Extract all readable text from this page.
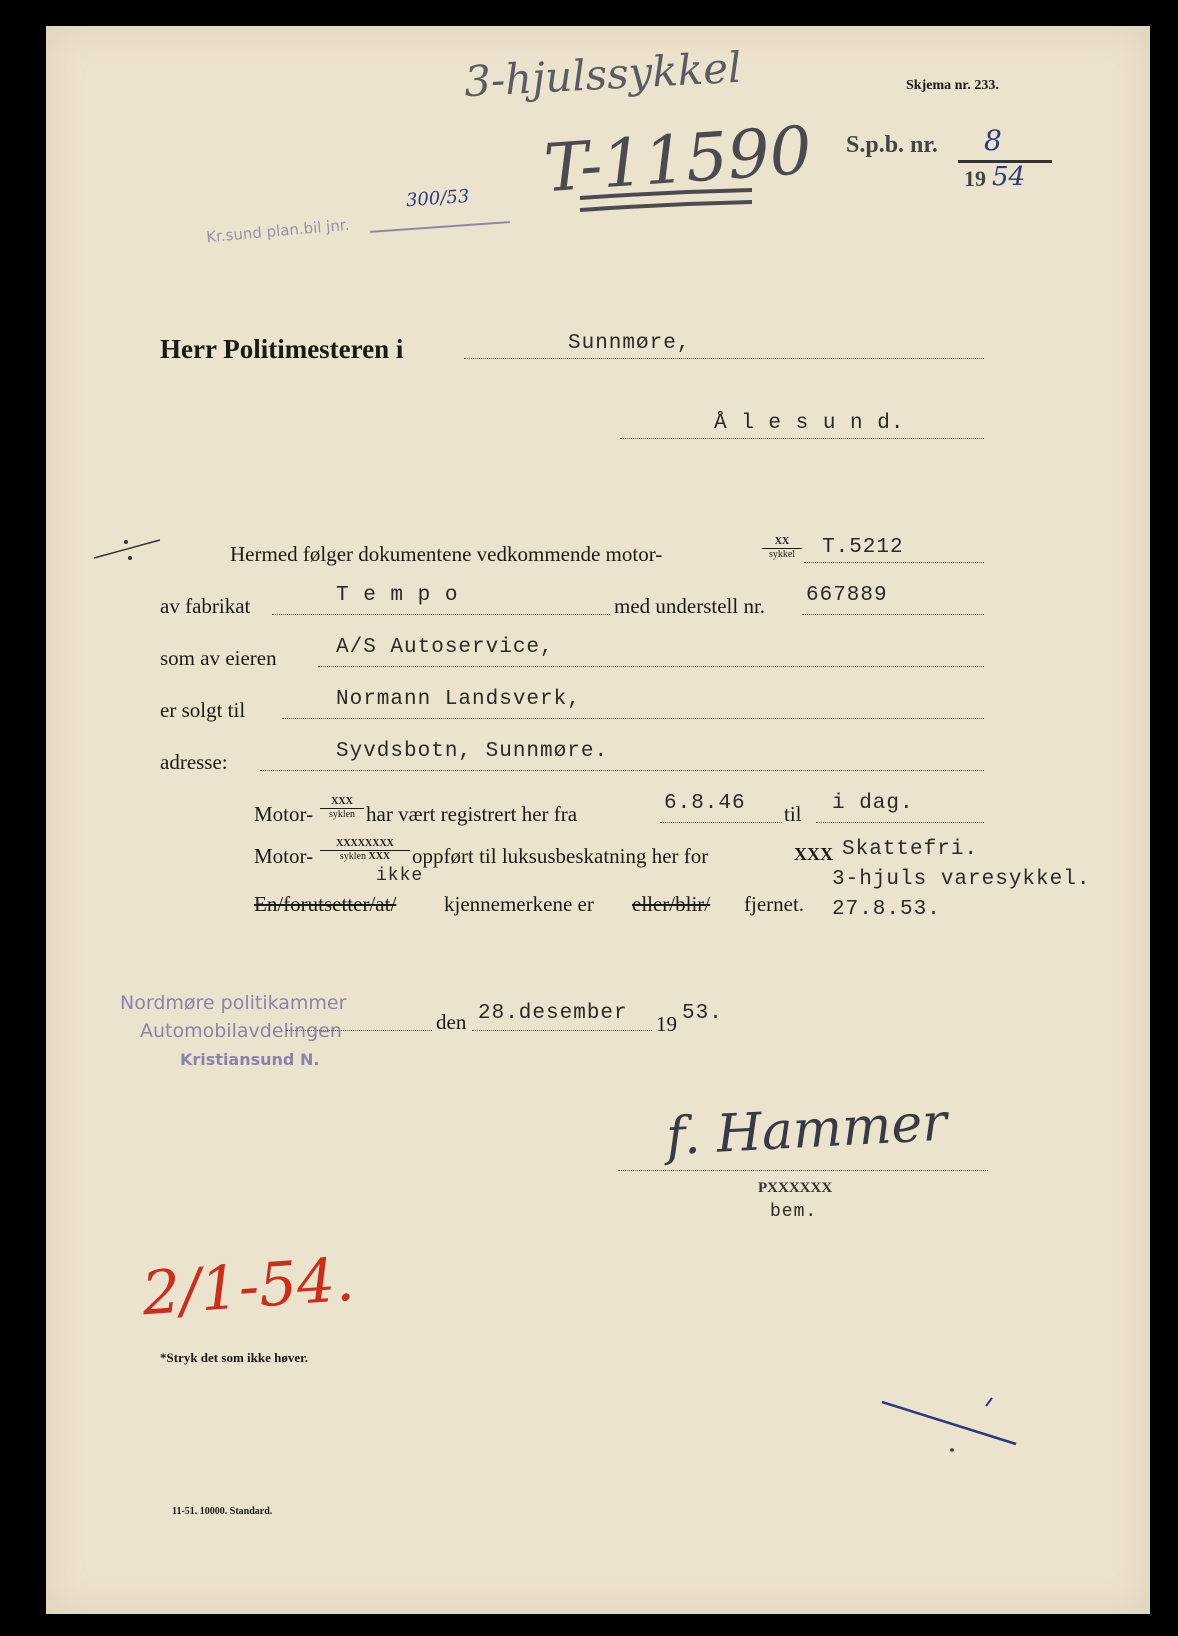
3-hjulssykkel
T-11590
Skjema nr. 233.
S.p.b. nr. 8
19 54
Kr.sund plan.bil jnr.
300/53
Herr Politimesteren i	Sunnmøre,
Å l e s u n d.
Hermed følger dokumentene vedkommende motor-
XX
sykkel	T.5212
av fabrikat	T e m p o	med understell nr. 667889
som av eieren	A/S Autoservice,
er solgt til	Normann Landsverk,
adresse:	Syvdsbotn, Sunnmøre.
Motor-
XXX
syklen har vært registrert her fra	6.8.46 til i dag.
Motor-
XXXXXXXX
syklen XXX
ikke
oppført til luksusbeskatning her for	XXX Skattefri.
3-hjuls varesykkel.
En/forutsetter/at/ kjennemerkene er eller/blir/ fjernet. 27.8.53.
Nordmøre politikammer
Automobilavdelingen
Kristiansund N.
den 28.desember 19 53.
f. Hammer
PXXXXXX
bem.
2/1-54.
*Stryk det som ikke høver.
11-51. 10000. Standard.
